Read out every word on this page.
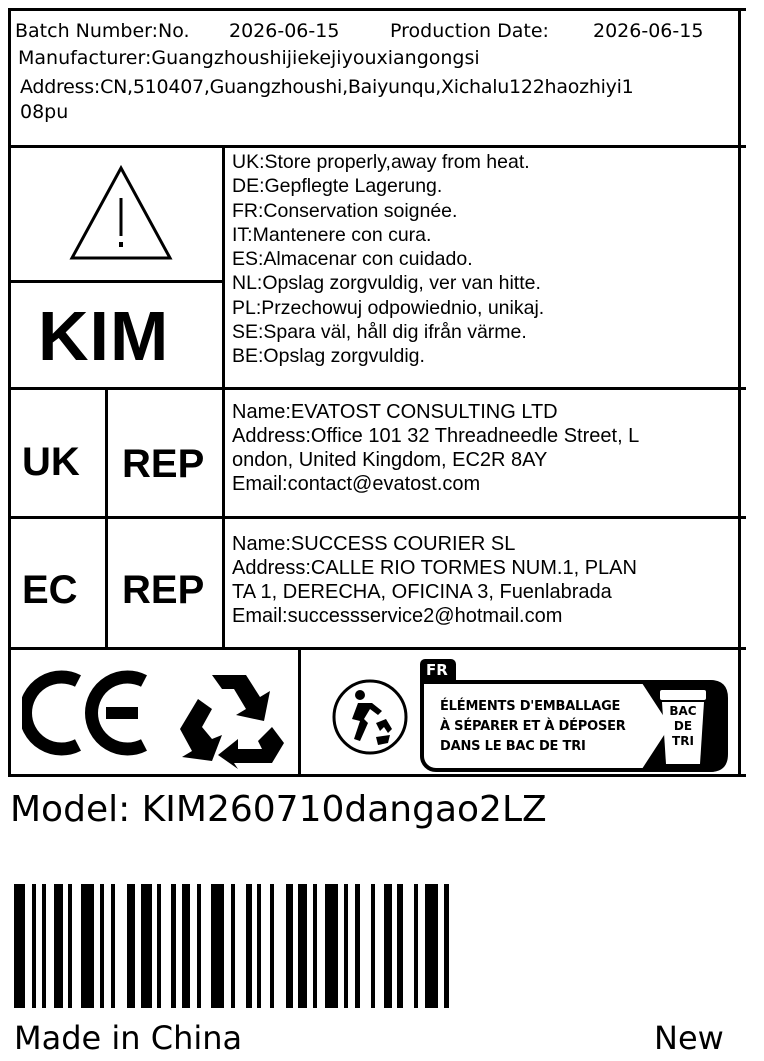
Batch Number:No. 2026-06-15	Production Date: 2026-06-15
Manufacturer:Guangzhoushijiekejiyouxiangongsi
Address:CN,510407,Guangzhoushi,Baiyunqu,Xichalu122haozhiyi1
08pu
KIM
UK:Store properly,away from heat.
DE:Gepflegte Lagerung.
FR:Conservation soignée.
IT:Mantenere con cura.
ES:Almacenar con cuidado.
NL:Opslag zorgvuldig, ver van hitte.
PL:Przechowuj odpowiednio, unikaj.
SE:Spara väl, håll dig ifrån värme.
BE:Opslag zorgvuldig.
UK REP
Name:EVATOST CONSULTING LTD
Address:Office 101 32 Threadneedle Street, L
ondon, United Kingdom, EC2R 8AY
Email:contact@evatost.com
EC REP
Name:SUCCESS COURIER SL
Address:CALLE RIO TORMES NUM.1, PLAN
TA 1, DERECHA, OFICINA 3, Fuenlabrada
Email:successservice2@hotmail.com
FR
ÉLÉMENTS D'EMBALLAGE
À SÉPARER ET À DÉPOSER
DANS LE BAC DE TRI
BAC
DE
TRI
Model: KIM260710dangao2LZ
Made in China	New
